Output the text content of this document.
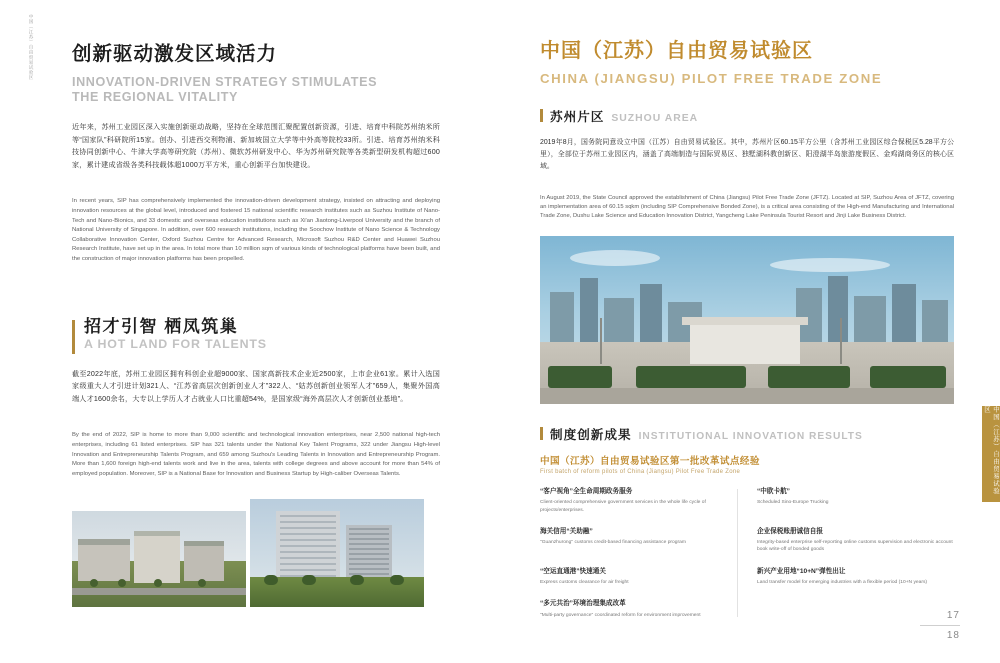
中国（江苏）自由贸易试验区 创新驱动激发区域活力
INNOVATION-DRIVEN STRATEGY STIMULATES THE REGIONAL VITALITY

近年来，苏州工业园区深入实施创新驱动战略，坚持在全球范围汇聚配置创新资源，引进、培育中科院苏州纳米所等“国家队”科研院所15家。创办、引进西交利物浦、新加坡国立大学等中外高等院校33所。引进、培育苏州纳米科技协同创新中心、牛津大学高等研究院（苏州）、微软苏州研发中心、华为苏州研究院等各类新型研发机构超过600家，累计建成省级各类科技载体超1000万平方米，重心创新平台加快建设。

In recent years, SIP has comprehensively implemented the innovation-driven development strategy, insisted on attracting and deploying innovation resources at the global level, introduced and fostered 15 national scientific research institutes such as Suzhou Institute of Nano-Tech and Nano-Bionics, and 33 domestic and overseas education institutions such as Xi'an Jiaotong-Liverpool University and the branch of National University of Singapore. In addition, over 600 research institutions, including the Soochow Institute of Nano Science & Technology Collaborative Innovation Center, Oxford Suzhou Centre for Advanced Research, Microsoft Suzhou R&D Center and Huawei Suzhou Research Institute, have set up in the area. In total more than 10 million sqm of various kinds of technological platforms have been built, and the construction of major innovation platforms has been propelled.

招才引智 栖凤筑巢
A HOT LAND FOR TALENTS

截至2022年底，苏州工业园区拥有科创企业超9000家、国家高新技术企业近2500家，上市企业61家。累计入选国家级重大人才引进计划321人、“江苏省高层次创新创业人才”322人、“姑苏创新创业领军人才”659人，集聚外国高端人才1600余名，大专以上学历人才占就业人口比重超54%，是国家级“海外高层次人才创新创业基地”。

By the end of 2022, SIP is home to more than 9,000 scientific and technological innovation enterprises, near 2,500 national high-tech enterprises, including 61 listed enterprises. SIP has 321 talents under the National Key Talent Programs, 322 under Jiangsu High-level Innovation and Entrepreneurship Talents Program, and 659 among Suzhou's Leading Talents in Innovation and Entrepreneurship Program. More than 1,600 foreign high-end talents work and live in the area, talents with college degrees and above account for more than 54% of employed population. Moreover, SIP is a National Base for Innovation and Business Startup by High-caliber Overseas Talents.

中国（江苏）自由贸易试验区
CHINA (JIANGSU) PILOT FREE TRADE ZONE
苏州片区 SUZHOU AREA

2019年8月，国务院同意设立中国（江苏）自由贸易试验区。其中，苏州片区60.15平方公里（含苏州工业园区综合保税区5.28平方公里），全部位于苏州工业园区内，涵盖了高端制造与国际贸易区、独墅湖科教创新区、阳澄湖半岛旅游度假区、金鸡湖商务区的核心区域。

In August 2019, the State Council approved the establishment of China (Jiangsu) Pilot Free Trade Zone (JFTZ). Located at SIP, Suzhou Area of JFTZ, covering an implementation area of 60.15 sqkm (including SIP Comprehensive Bonded Zone), is a critical area consisting of the High-end Manufacturing and International Trade Zone, Dushu Lake Science and Education Innovation District, Yangcheng Lake Peninsula Tourist Resort and Jinji Lake Business District.

制度创新成果 INSTITUTIONAL INNOVATION RESULTS
中国（江苏）自由贸易试验区第一批改革试点经验
First batch of reform pilots of China (Jiangsu) Pilot Free Trade Zone
“客户视角”全生命周期政务服务
Client-oriented comprehensive government services in the whole life cycle of projects/enterprises.
“中欧卡航”
Scheduled Sino-Europe Trucking
海关信用“关助融”
"Guanzhurong" customs credit-based financing assistance program
企业保税账册诚信自报
Integrity-based enterprise self-reporting online customs supervision and electronic account book write-off of bonded goods
“空运直通港”快速通关
Express customs clearance for air freight
新兴产业用地“10+N”弹性出让
Land transfer model for emerging industries with a flexible period (10+N years)
“多元共治”环境治理集成改革
"Multi-party governance" coordinated reform for environment improvement
中国（江苏）自由贸易试验区
17
18
